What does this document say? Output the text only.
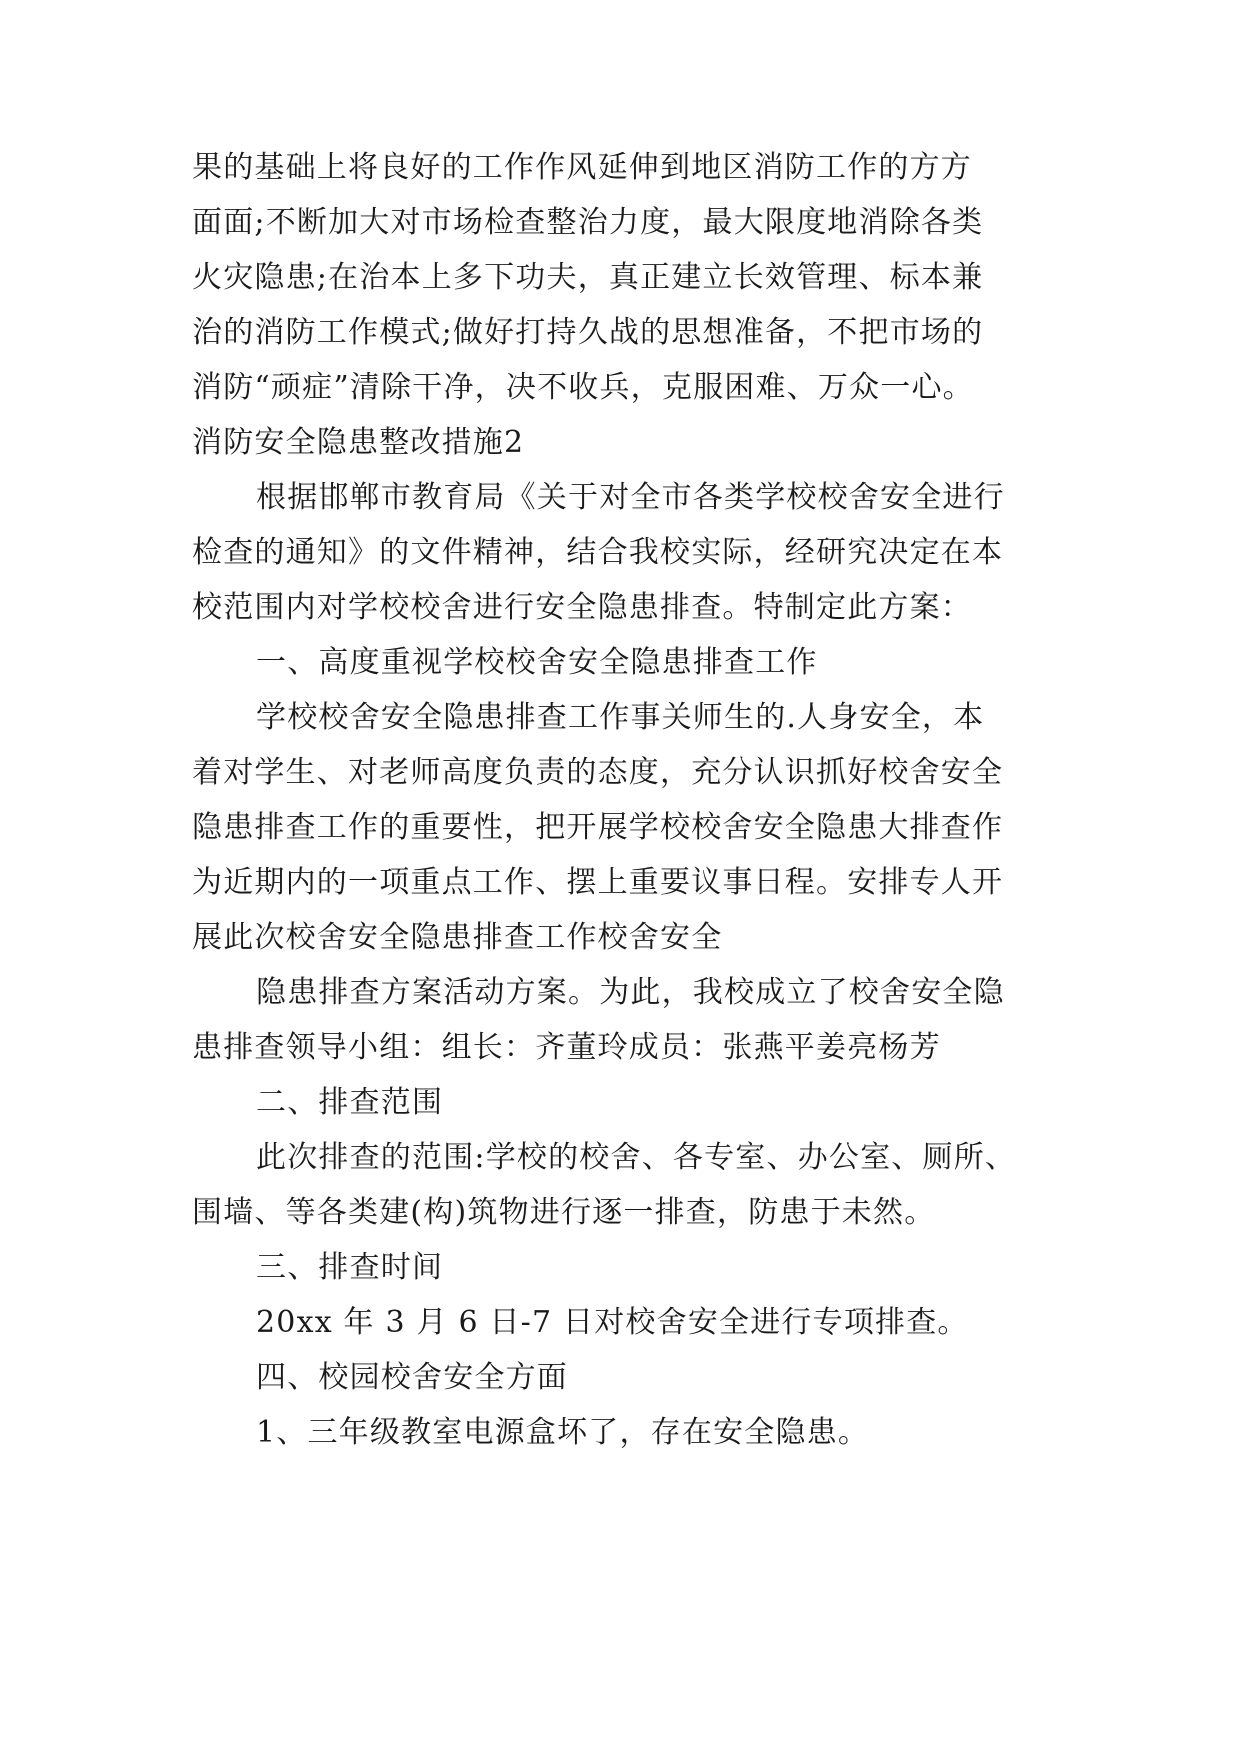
果的基础上将良好的工作作风延伸到地区消防工作的方方
面面;不断加大对市场检查整治力度，最大限度地消除各类
火灾隐患;在治本上多下功夫，真正建立长效管理、标本兼
治的消防工作模式;做好打持久战的思想准备，不把市场的
消防“顽症”清除干净，决不收兵，克服困难、万众一心。
消防安全隐患整改措施2
根据邯郸市教育局《关于对全市各类学校校舍安全进行
检查的通知》的文件精神，结合我校实际，经研究决定在本
校范围内对学校校舍进行安全隐患排查。特制定此方案：
一、高度重视学校校舍安全隐患排查工作
学校校舍安全隐患排查工作事关师生的.人身安全，本
着对学生、对老师高度负责的态度，充分认识抓好校舍安全
隐患排查工作的重要性，把开展学校校舍安全隐患大排查作
为近期内的一项重点工作、摆上重要议事日程。安排专人开
展此次校舍安全隐患排查工作校舍安全
隐患排查方案活动方案。为此，我校成立了校舍安全隐
患排查领导小组：组长：齐董玲成员：张燕平姜亮杨芳
二、排查范围
此次排查的范围:学校的校舍、各专室、办公室、厕所、
围墙、等各类建(构)筑物进行逐一排查，防患于未然。
三、排查时间
20xx 年 3 月 6 日-7 日对校舍安全进行专项排查。
四、校园校舍安全方面
1、三年级教室电源盒坏了，存在安全隐患。
